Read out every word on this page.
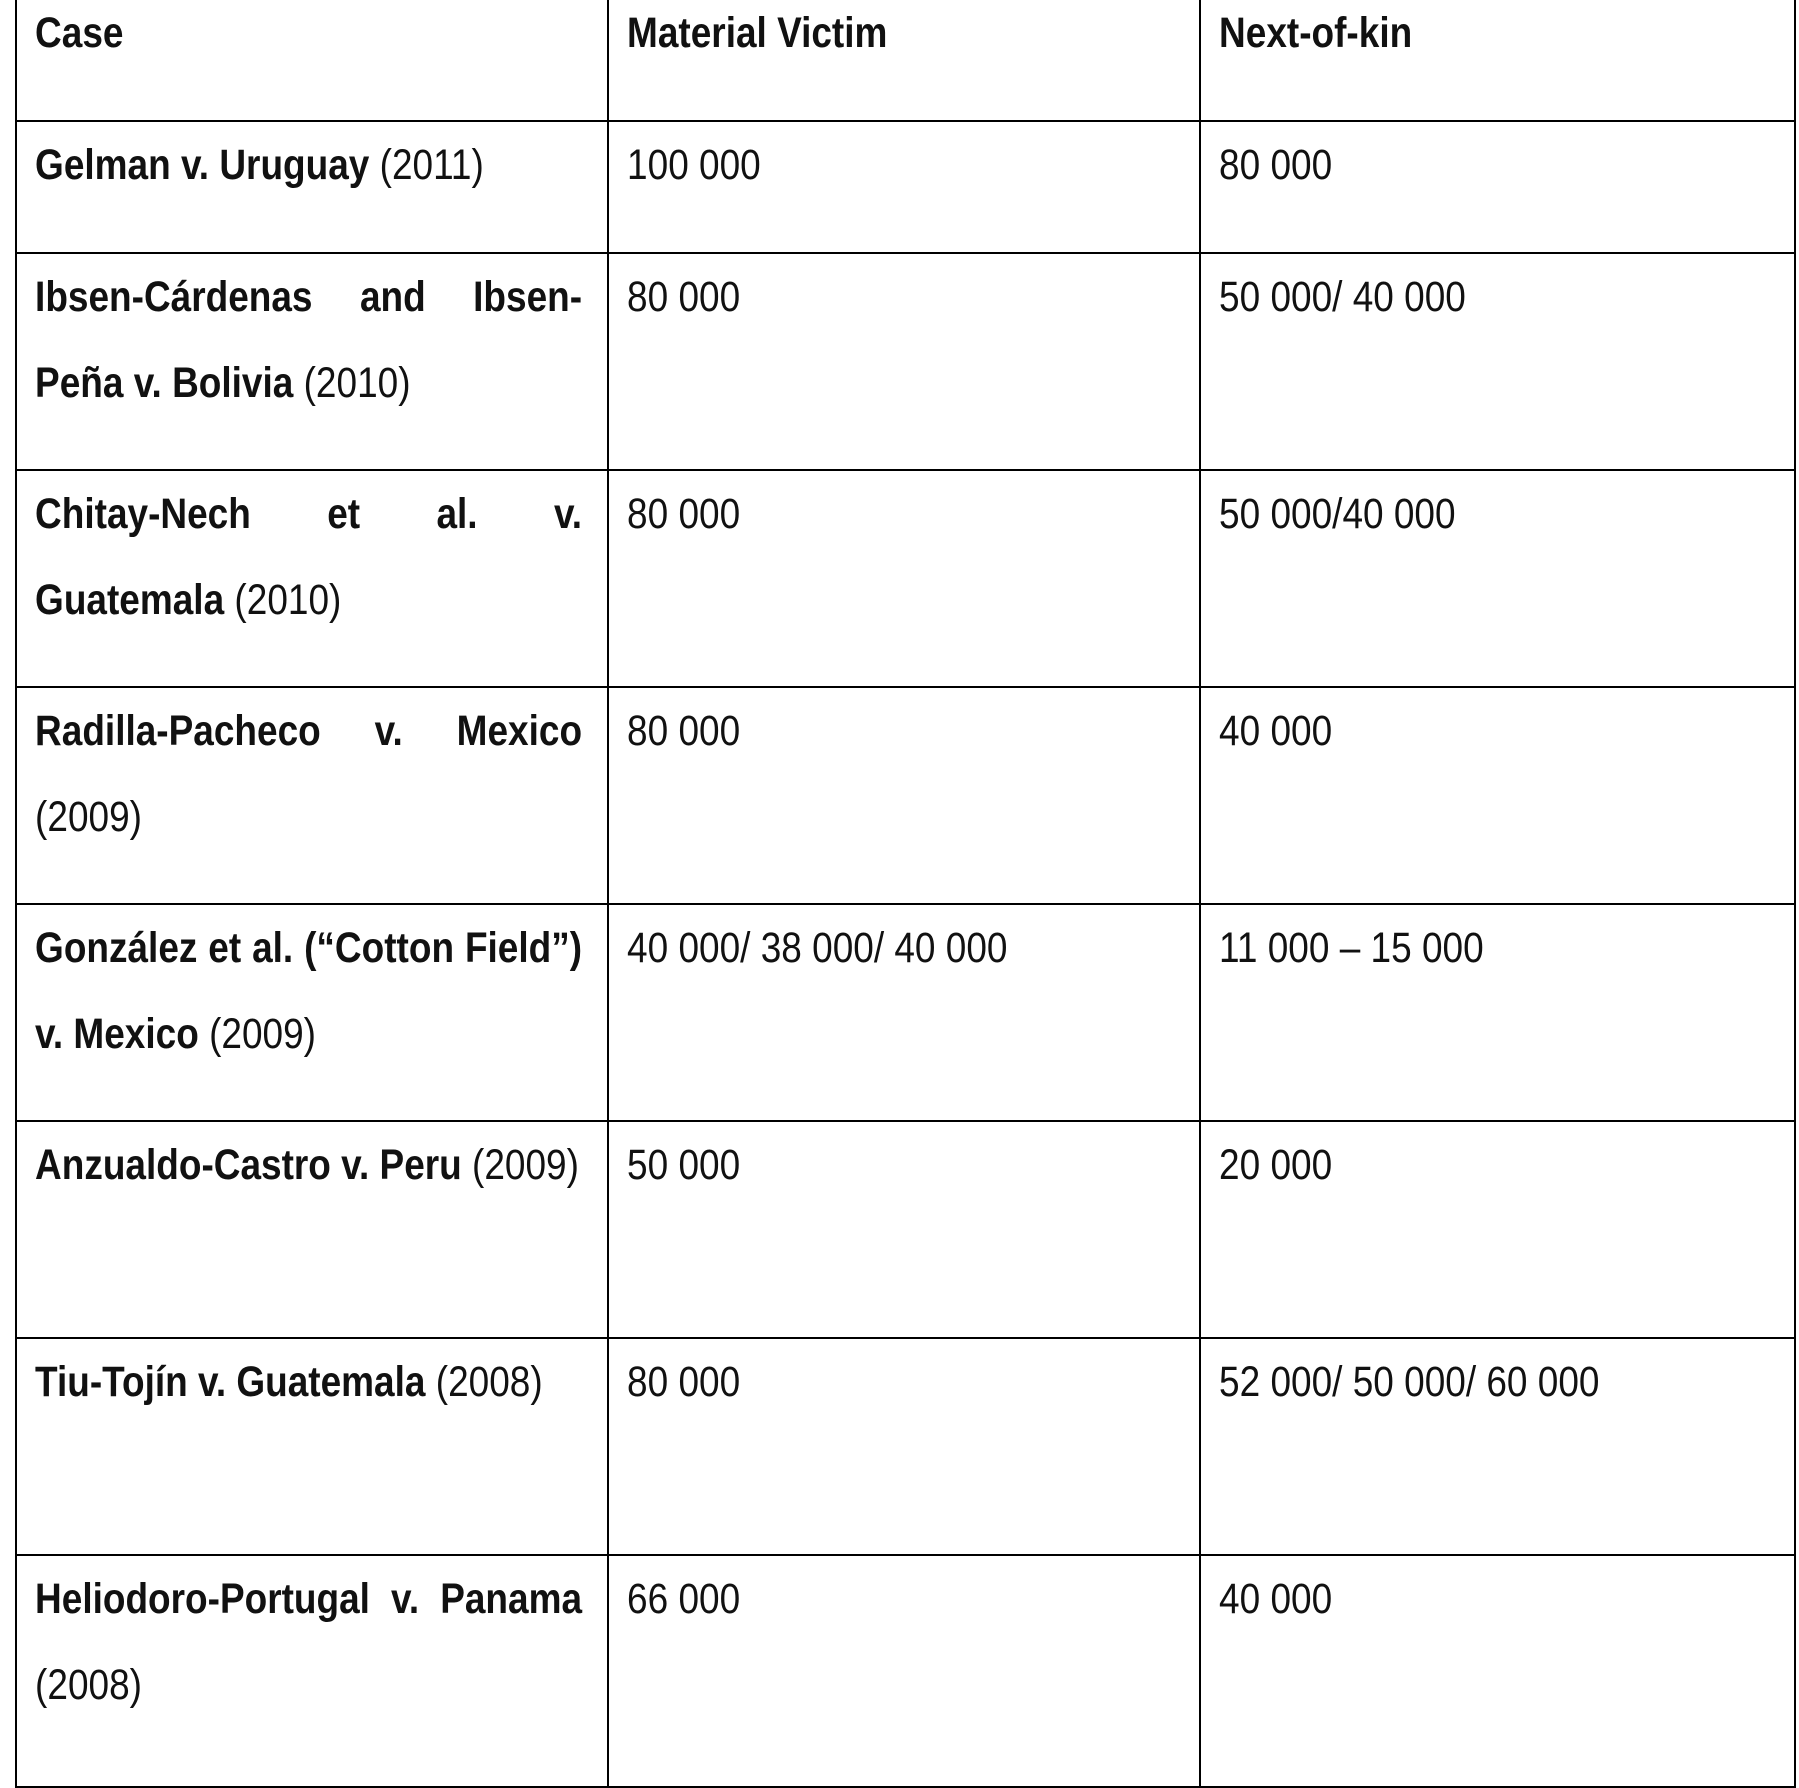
Case	Material Victim	Next-of-kin

Gelman v. Uruguay (2011)	100 000	80 000

Ibsen-Cárdenas and Ibsen-Peña v. Bolivia (2010)	80 000	50 000/ 40 000

Chitay-Nech et al. v. Guatemala (2010)	80 000	50 000/40 000

Radilla-Pacheco v. Mexico (2009)	80 000	40 000

González et al. (“Cotton Field”) v. Mexico (2009)	40 000/ 38 000/ 40 000	11 000 – 15 000

Anzualdo-Castro v. Peru (2009)	50 000	20 000

Tiu-Tojín v. Guatemala (2008)	80 000	52 000/ 50 000/ 60 000

Heliodoro-Portugal v. Panama (2008)	66 000	40 000
